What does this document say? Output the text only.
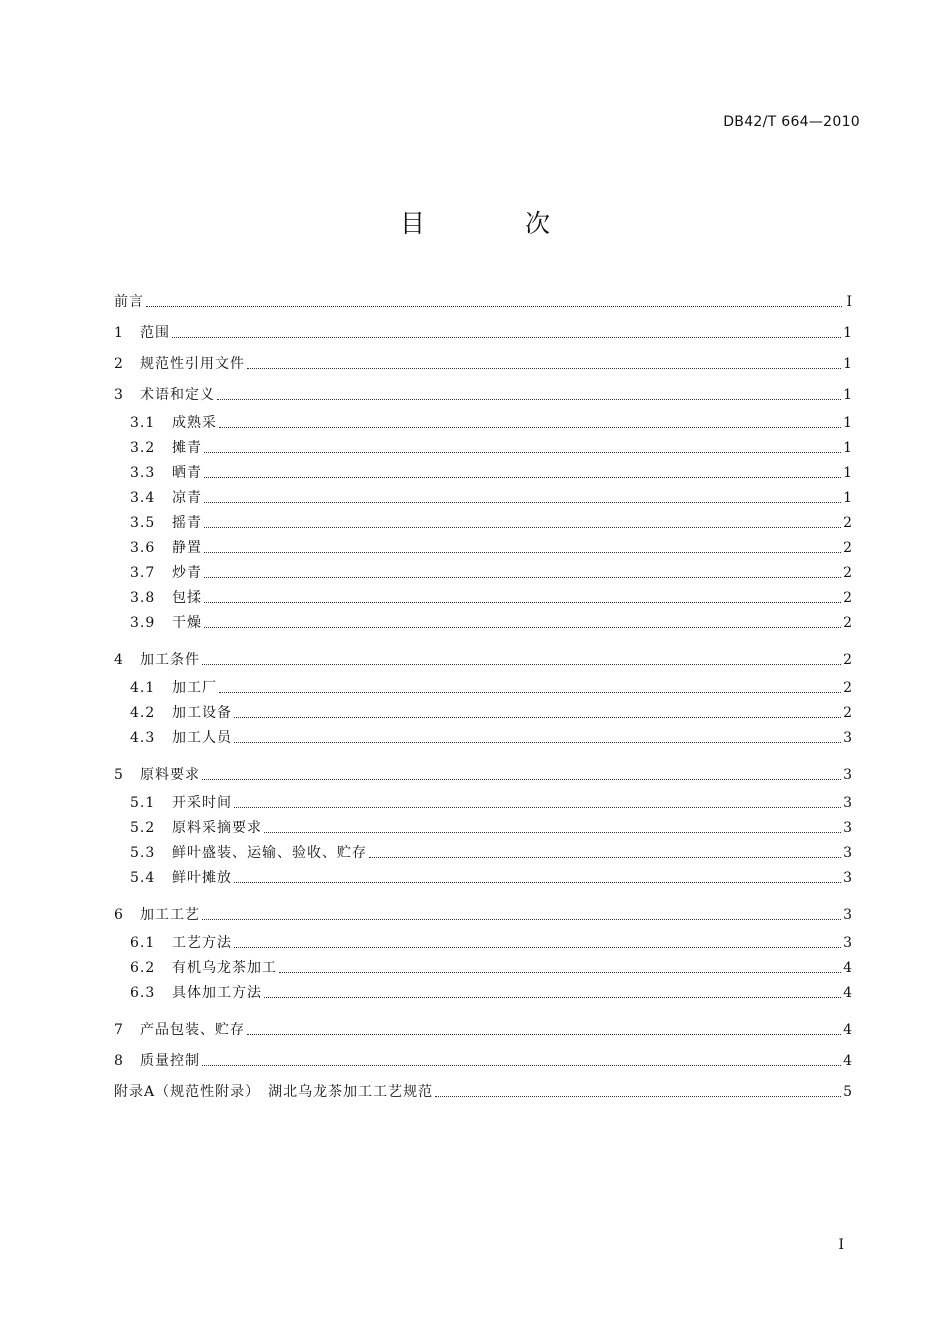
DB42/T 664—2010
目 次
前言	I
1	范围	1
2	规范性引用文件	1
3	术语和定义	1
3.1	成熟采	1
3.2	摊青	1
3.3	晒青	1
3.4	凉青	1
3.5	摇青	2
3.6	静置	2
3.7	炒青	2
3.8	包揉	2
3.9	干燥	2
4	加工条件	2
4.1	加工厂	2
4.2	加工设备	2
4.3	加工人员	3
5	原料要求	3
5.1	开采时间	3
5.2	原料采摘要求	3
5.3	鲜叶盛装、运输、验收、贮存	3
5.4	鲜叶摊放	3
6	加工工艺	3
6.1	工艺方法	3
6.2	有机乌龙茶加工	4
6.3	具体加工方法	4
7	产品包装、贮存	4
8	质量控制	4
附录A（规范性附录）　湖北乌龙茶加工工艺规范	5
I
